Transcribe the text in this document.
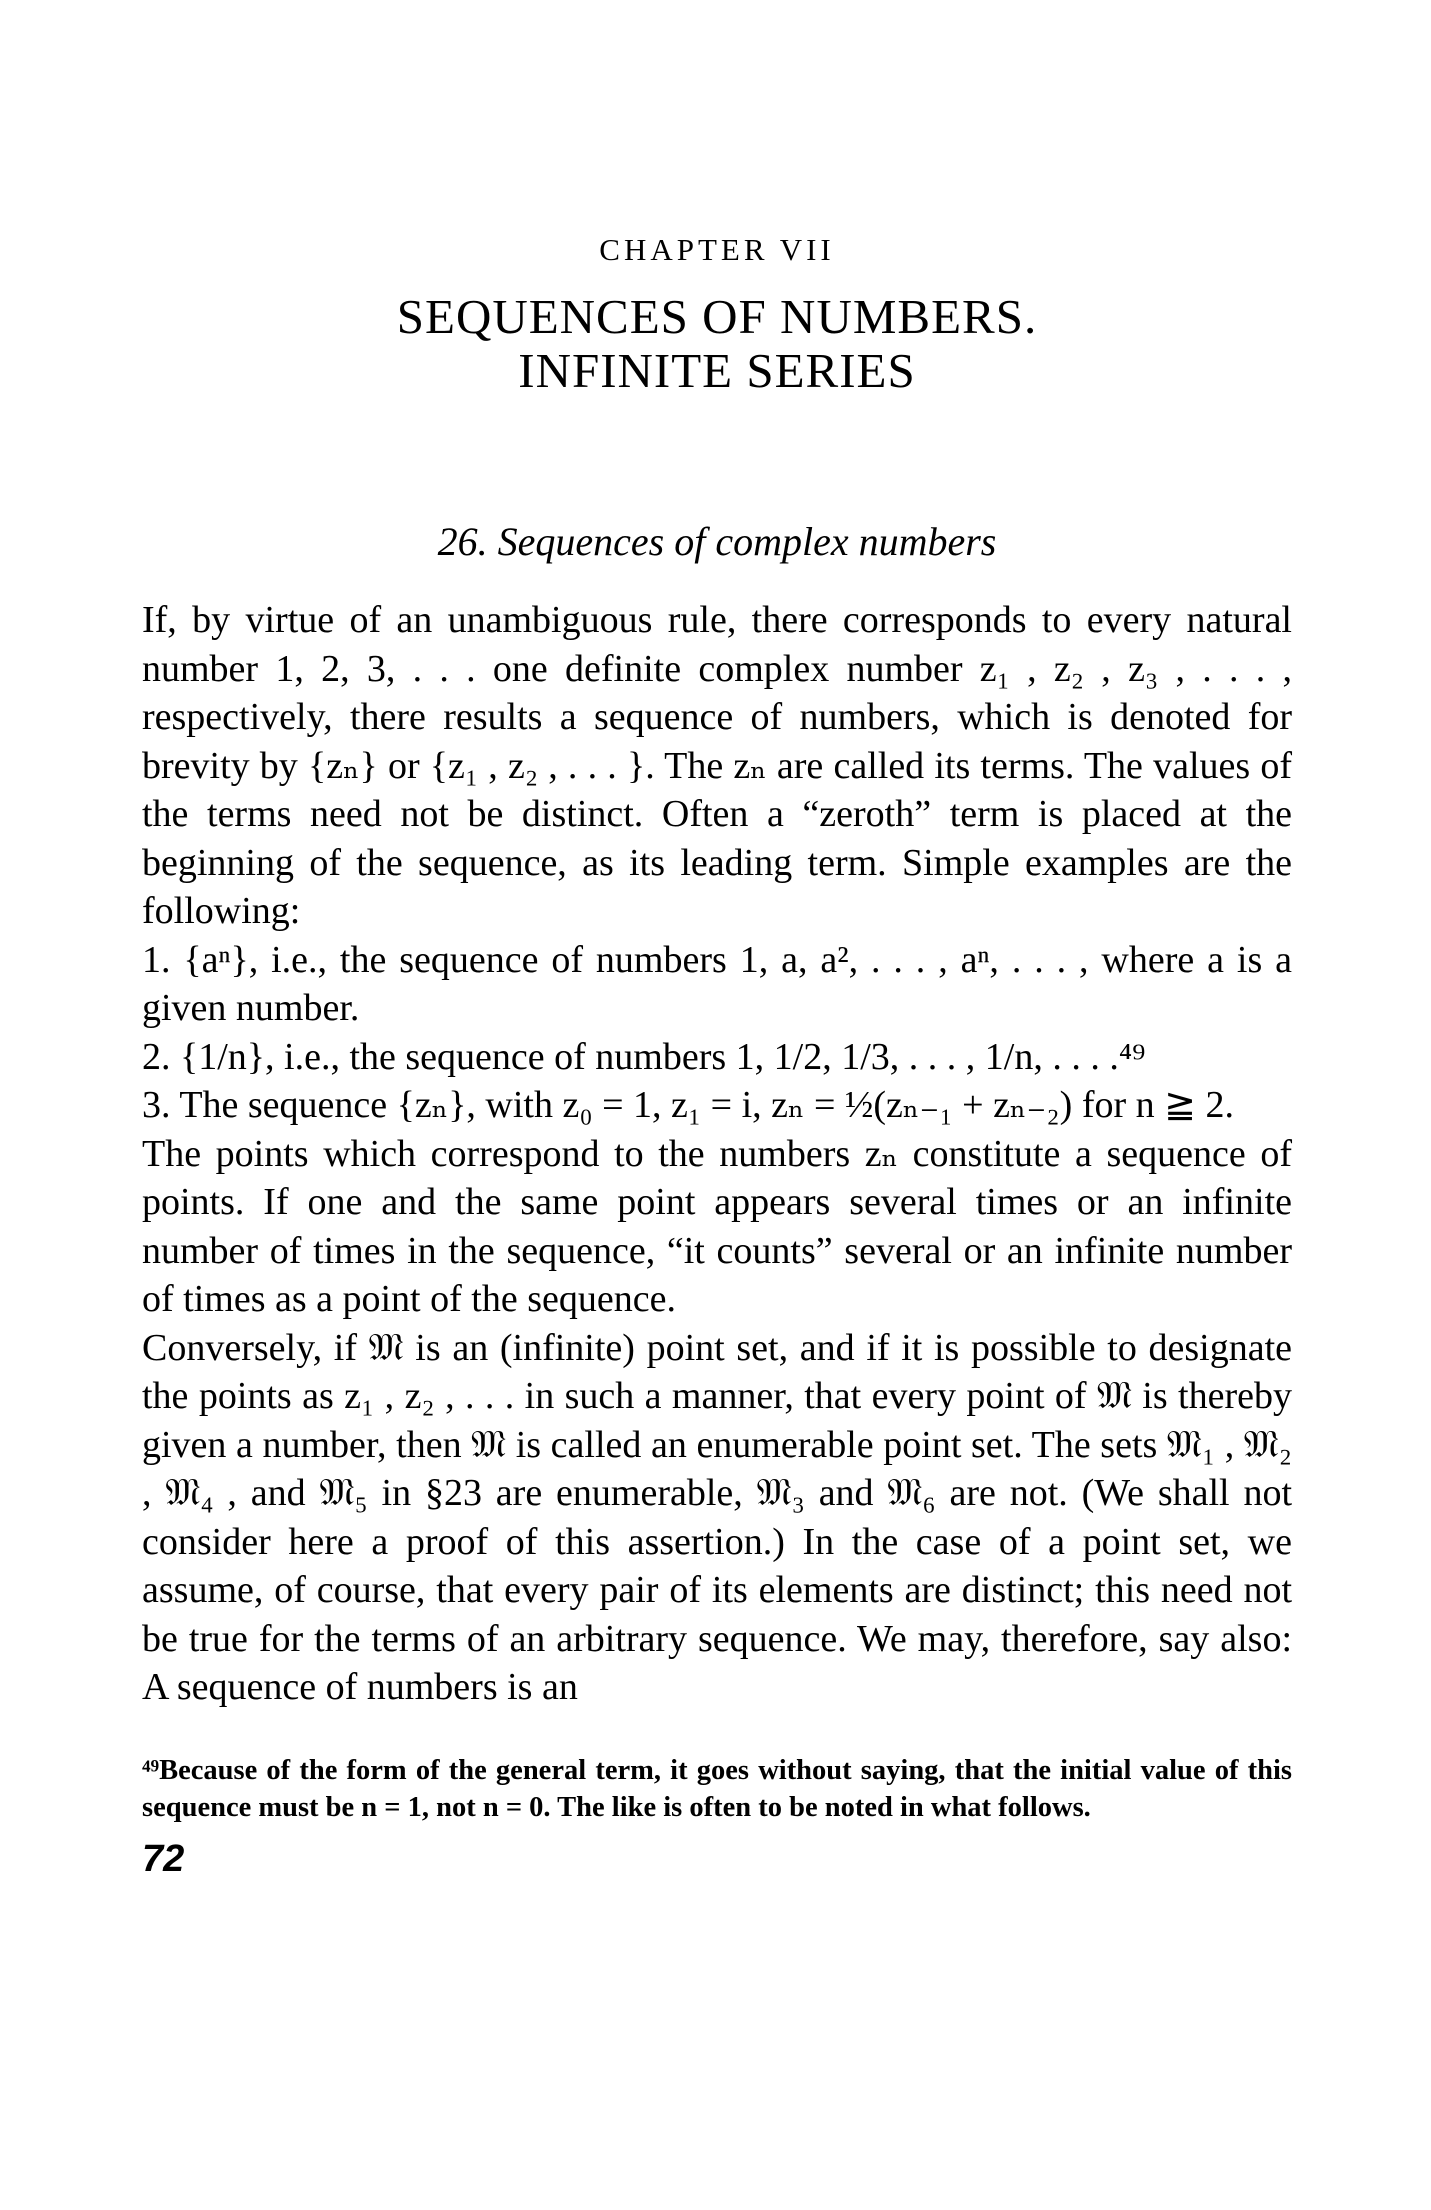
CHAPTER VII
SEQUENCES OF NUMBERS.
INFINITE SERIES
26. Sequences of complex numbers

If, by virtue of an unambiguous rule, there corresponds to every natural number 1, 2, 3, . . . one definite complex number z₁ , z₂ , z₃ , . . . , respectively, there results a sequence of numbers, which is denoted for brevity by {zₙ} or {z₁ , z₂ , . . . }. The zₙ are called its terms. The values of the terms need not be distinct. Often a “zeroth” term is placed at the beginning of the sequence, as its leading term. Simple examples are the following:

1. {aⁿ}, i.e., the sequence of numbers 1, a, a², . . . , aⁿ, . . . , where a is a given number.

2. {1/n}, i.e., the sequence of numbers 1, 1/2, 1/3, . . . , 1/n, . . . .⁴⁹

3. The sequence {zₙ}, with z₀ = 1, z₁ = i, zₙ = ½(zₙ₋₁ + zₙ₋₂) for n ≧ 2.

The points which correspond to the numbers zₙ constitute a sequence of points. If one and the same point appears several times or an infinite number of times in the sequence, “it counts” several or an infinite number of times as a point of the sequence.

Conversely, if 𝔐 is an (infinite) point set, and if it is possible to designate the points as z₁ , z₂ , . . . in such a manner, that every point of 𝔐 is thereby given a number, then 𝔐 is called an enumerable point set. The sets 𝔐₁ , 𝔐₂ , 𝔐₄ , and 𝔐₅ in §23 are enumerable, 𝔐₃ and 𝔐₆ are not. (We shall not consider here a proof of this assertion.) In the case of a point set, we assume, of course, that every pair of its elements are distinct; this need not be true for the terms of an arbitrary sequence. We may, therefore, say also: A sequence of numbers is an

⁴⁹Because of the form of the general term, it goes without saying, that the initial value of this sequence must be n = 1, not n = 0. The like is often to be noted in what follows.
72
